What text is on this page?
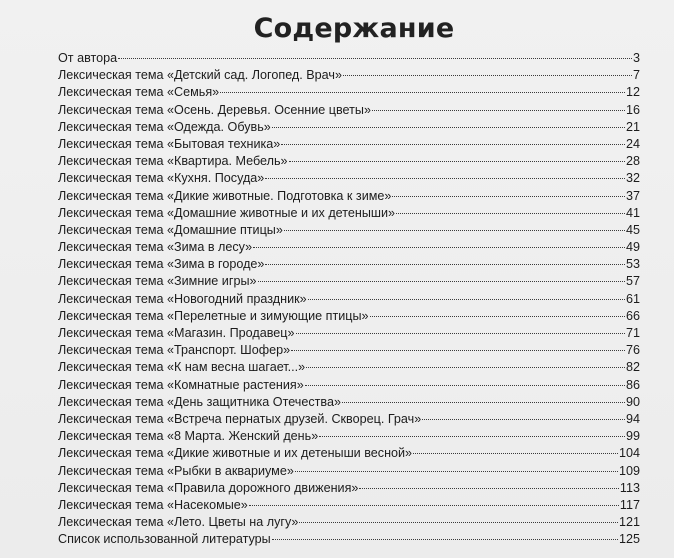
Содержание
От автора	3
Лексическая тема «Детский сад. Логопед. Врач»	7
Лексическая тема «Семья»	12
Лексическая тема «Осень. Деревья. Осенние цветы»	16
Лексическая тема «Одежда. Обувь»	21
Лексическая тема «Бытовая техника»	24
Лексическая тема «Квартира. Мебель»	28
Лексическая тема «Кухня. Посуда»	32
Лексическая тема «Дикие животные. Подготовка к зиме»	37
Лексическая тема «Домашние животные и их детеныши»	41
Лексическая тема «Домашние птицы»	45
Лексическая тема «Зима в лесу»	49
Лексическая тема «Зима в городе»	53
Лексическая тема «Зимние игры»	57
Лексическая тема «Новогодний праздник»	61
Лексическая тема «Перелетные и зимующие птицы»	66
Лексическая тема «Магазин. Продавец»	71
Лексическая тема «Транспорт. Шофер»	76
Лексическая тема «К нам весна шагает...»	82
Лексическая тема «Комнатные растения»	86
Лексическая тема «День защитника Отечества»	90
Лексическая тема «Встреча пернатых друзей. Скворец. Грач»	94
Лексическая тема «8 Марта. Женский день»	99
Лексическая тема «Дикие животные и их детеныши весной»	104
Лексическая тема «Рыбки в аквариуме»	109
Лексическая тема «Правила дорожного движения»	113
Лексическая тема «Насекомые»	117
Лексическая тема «Лето. Цветы на лугу»	121
Список использованной литературы	125
